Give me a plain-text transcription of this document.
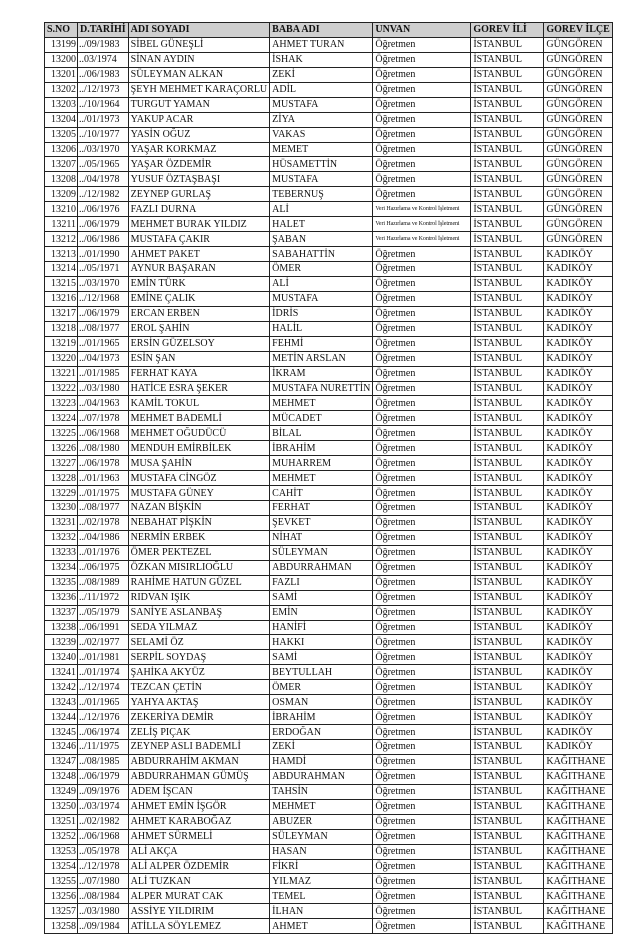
S.NO	D.TARİHİ	ADI SOYADI	BABA ADI	UNVAN	GOREV İLİ	GOREV İLÇE
13199	../09/1983	SİBEL GÜNEŞLİ	AHMET TURAN	Öğretmen	İSTANBUL	GÜNGÖREN
13200	..03/1974	SİNAN AYDIN	İSHAK	Öğretmen	İSTANBUL	GÜNGÖREN
13201	../06/1983	SÜLEYMAN ALKAN	ZEKİ	Öğretmen	İSTANBUL	GÜNGÖREN
13202	../12/1973	ŞEYH MEHMET KARAÇORLU	ADİL	Öğretmen	İSTANBUL	GÜNGÖREN
13203	../10/1964	TURGUT YAMAN	MUSTAFA	Öğretmen	İSTANBUL	GÜNGÖREN
13204	../01/1973	YAKUP ACAR	ZİYA	Öğretmen	İSTANBUL	GÜNGÖREN
13205	../10/1977	YASİN OĞUZ	VAKAS	Öğretmen	İSTANBUL	GÜNGÖREN
13206	../03/1970	YAŞAR KORKMAZ	MEMET	Öğretmen	İSTANBUL	GÜNGÖREN
13207	../05/1965	YAŞAR ÖZDEMİR	HÜSAMETTİN	Öğretmen	İSTANBUL	GÜNGÖREN
13208	../04/1978	YUSUF ÖZTAŞBAŞI	MUSTAFA	Öğretmen	İSTANBUL	GÜNGÖREN
13209	../12/1982	ZEYNEP GURLAŞ	TEBERNUŞ	Öğretmen	İSTANBUL	GÜNGÖREN
13210	../06/1976	FAZLI DURNA	ALİ	Veri Hazırlama ve Kontrol İşletmeni	İSTANBUL	GÜNGÖREN
13211	../06/1979	MEHMET BURAK YILDIZ	HALET	Veri Hazırlama ve Kontrol İşletmeni	İSTANBUL	GÜNGÖREN
13212	../06/1986	MUSTAFA ÇAKIR	ŞABAN	Veri Hazırlama ve Kontrol İşletmeni	İSTANBUL	GÜNGÖREN
13213	../01/1990	AHMET PAKET	SABAHATTİN	Öğretmen	İSTANBUL	KADIKÖY
13214	../05/1971	AYNUR BAŞARAN	ÖMER	Öğretmen	İSTANBUL	KADIKÖY
13215	../03/1970	EMİN TÜRK	ALİ	Öğretmen	İSTANBUL	KADIKÖY
13216	../12/1968	EMİNE ÇALIK	MUSTAFA	Öğretmen	İSTANBUL	KADIKÖY
13217	../06/1979	ERCAN ERBEN	İDRİS	Öğretmen	İSTANBUL	KADIKÖY
13218	../08/1977	EROL ŞAHİN	HALİL	Öğretmen	İSTANBUL	KADIKÖY
13219	../01/1965	ERSİN GÜZELSOY	FEHMİ	Öğretmen	İSTANBUL	KADIKÖY
13220	../04/1973	ESİN ŞAN	METİN ARSLAN	Öğretmen	İSTANBUL	KADIKÖY
13221	../01/1985	FERHAT KAYA	İKRAM	Öğretmen	İSTANBUL	KADIKÖY
13222	../03/1980	HATİCE ESRA ŞEKER	MUSTAFA NURETTİN	Öğretmen	İSTANBUL	KADIKÖY
13223	../04/1963	KAMİL TOKUL	MEHMET	Öğretmen	İSTANBUL	KADIKÖY
13224	../07/1978	MEHMET BADEMLİ	MÜCADET	Öğretmen	İSTANBUL	KADIKÖY
13225	../06/1968	MEHMET OĞUDÜCÜ	BİLAL	Öğretmen	İSTANBUL	KADIKÖY
13226	../08/1980	MENDUH EMİRBİLEK	İBRAHİM	Öğretmen	İSTANBUL	KADIKÖY
13227	../06/1978	MUSA ŞAHİN	MUHARREM	Öğretmen	İSTANBUL	KADIKÖY
13228	../01/1963	MUSTAFA CİNGÖZ	MEHMET	Öğretmen	İSTANBUL	KADIKÖY
13229	../01/1975	MUSTAFA GÜNEY	CAHİT	Öğretmen	İSTANBUL	KADIKÖY
13230	../08/1977	NAZAN BİŞKİN	FERHAT	Öğretmen	İSTANBUL	KADIKÖY
13231	../02/1978	NEBAHAT PİŞKİN	ŞEVKET	Öğretmen	İSTANBUL	KADIKÖY
13232	../04/1986	NERMİN ERBEK	NİHAT	Öğretmen	İSTANBUL	KADIKÖY
13233	../01/1976	ÖMER PEKTEZEL	SÜLEYMAN	Öğretmen	İSTANBUL	KADIKÖY
13234	../06/1975	ÖZKAN MISIRLIOĞLU	ABDURRAHMAN	Öğretmen	İSTANBUL	KADIKÖY
13235	../08/1989	RAHİME HATUN GÜZEL	FAZLI	Öğretmen	İSTANBUL	KADIKÖY
13236	../11/1972	RIDVAN IŞIK	SAMİ	Öğretmen	İSTANBUL	KADIKÖY
13237	../05/1979	SANİYE ASLANBAŞ	EMİN	Öğretmen	İSTANBUL	KADIKÖY
13238	../06/1991	SEDA YILMAZ	HANİFİ	Öğretmen	İSTANBUL	KADIKÖY
13239	../02/1977	SELAMİ ÖZ	HAKKI	Öğretmen	İSTANBUL	KADIKÖY
13240	../01/1981	SERPİL SOYDAŞ	SAMİ	Öğretmen	İSTANBUL	KADIKÖY
13241	../01/1974	ŞAHİKA AKYÜZ	BEYTULLAH	Öğretmen	İSTANBUL	KADIKÖY
13242	../12/1974	TEZCAN ÇETİN	ÖMER	Öğretmen	İSTANBUL	KADIKÖY
13243	../01/1965	YAHYA AKTAŞ	OSMAN	Öğretmen	İSTANBUL	KADIKÖY
13244	../12/1976	ZEKERİYA DEMİR	İBRAHİM	Öğretmen	İSTANBUL	KADIKÖY
13245	../06/1974	ZELİŞ PIÇAK	ERDOĞAN	Öğretmen	İSTANBUL	KADIKÖY
13246	../11/1975	ZEYNEP ASLI BADEMLİ	ZEKİ	Öğretmen	İSTANBUL	KADIKÖY
13247	../08/1985	ABDURRAHİM AKMAN	HAMDİ	Öğretmen	İSTANBUL	KAĞITHANE
13248	../06/1979	ABDURRAHMAN GÜMÜŞ	ABDURAHMAN	Öğretmen	İSTANBUL	KAĞITHANE
13249	../09/1976	ADEM İŞCAN	TAHSİN	Öğretmen	İSTANBUL	KAĞITHANE
13250	../03/1974	AHMET EMİN İŞGÖR	MEHMET	Öğretmen	İSTANBUL	KAĞITHANE
13251	../02/1982	AHMET KARABOĞAZ	ABUZER	Öğretmen	İSTANBUL	KAĞITHANE
13252	../06/1968	AHMET SÜRMELİ	SÜLEYMAN	Öğretmen	İSTANBUL	KAĞITHANE
13253	../05/1978	ALİ AKÇA	HASAN	Öğretmen	İSTANBUL	KAĞITHANE
13254	../12/1978	ALİ ALPER ÖZDEMİR	FİKRİ	Öğretmen	İSTANBUL	KAĞITHANE
13255	../07/1980	ALİ TUZKAN	YILMAZ	Öğretmen	İSTANBUL	KAĞITHANE
13256	../08/1984	ALPER MURAT CAK	TEMEL	Öğretmen	İSTANBUL	KAĞITHANE
13257	../03/1980	ASSİYE YILDIRIM	İLHAN	Öğretmen	İSTANBUL	KAĞITHANE
13258	../09/1984	ATİLLA SÖYLEMEZ	AHMET	Öğretmen	İSTANBUL	KAĞITHANE
